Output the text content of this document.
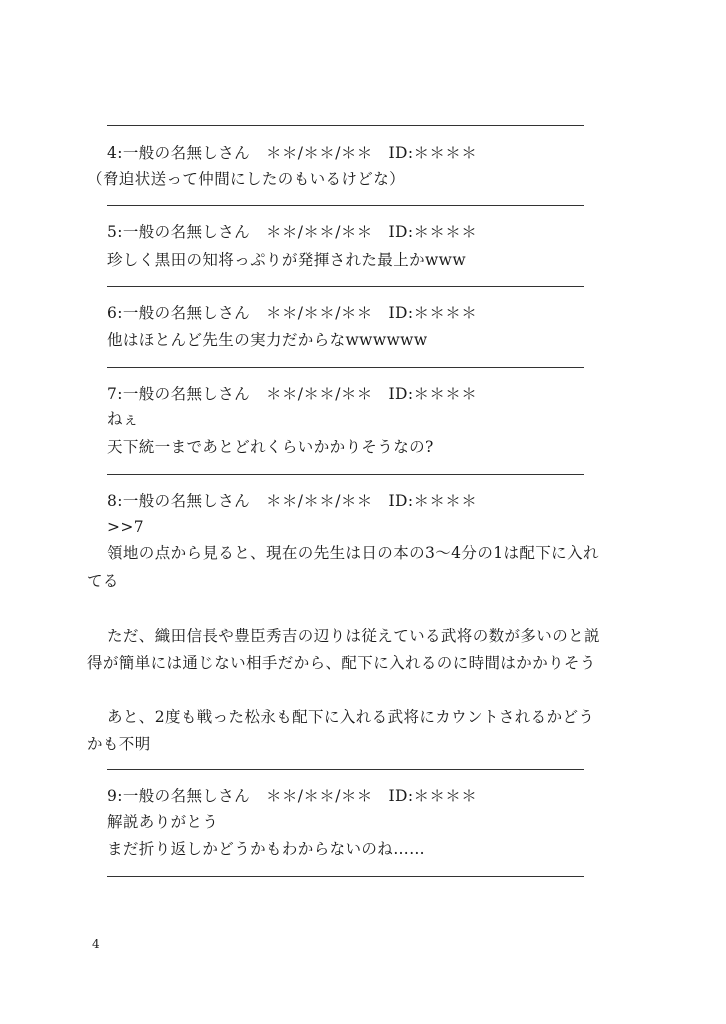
4:一般の名無しさん　＊＊/＊＊/＊＊　ID:＊＊＊＊
（脅迫状送って仲間にしたのもいるけどな）
5:一般の名無しさん　＊＊/＊＊/＊＊　ID:＊＊＊＊
珍しく黒田の知将っぷりが発揮された最上かwww
6:一般の名無しさん　＊＊/＊＊/＊＊　ID:＊＊＊＊
他はほとんど先生の実力だからなwwwwww
7:一般の名無しさん　＊＊/＊＊/＊＊　ID:＊＊＊＊
ねぇ
天下統一まであとどれくらいかかりそうなの?
8:一般の名無しさん　＊＊/＊＊/＊＊　ID:＊＊＊＊
>>7
領地の点から見ると、現在の先生は日の本の3〜4分の1は配下に入れ
てる
ただ、織田信長や豊臣秀吉の辺りは従えている武将の数が多いのと説
得が簡単には通じない相手だから、配下に入れるのに時間はかかりそう
あと、2度も戦った松永も配下に入れる武将にカウントされるかどう
かも不明
9:一般の名無しさん　＊＊/＊＊/＊＊　ID:＊＊＊＊
解説ありがとう
まだ折り返しかどうかもわからないのね……
4
